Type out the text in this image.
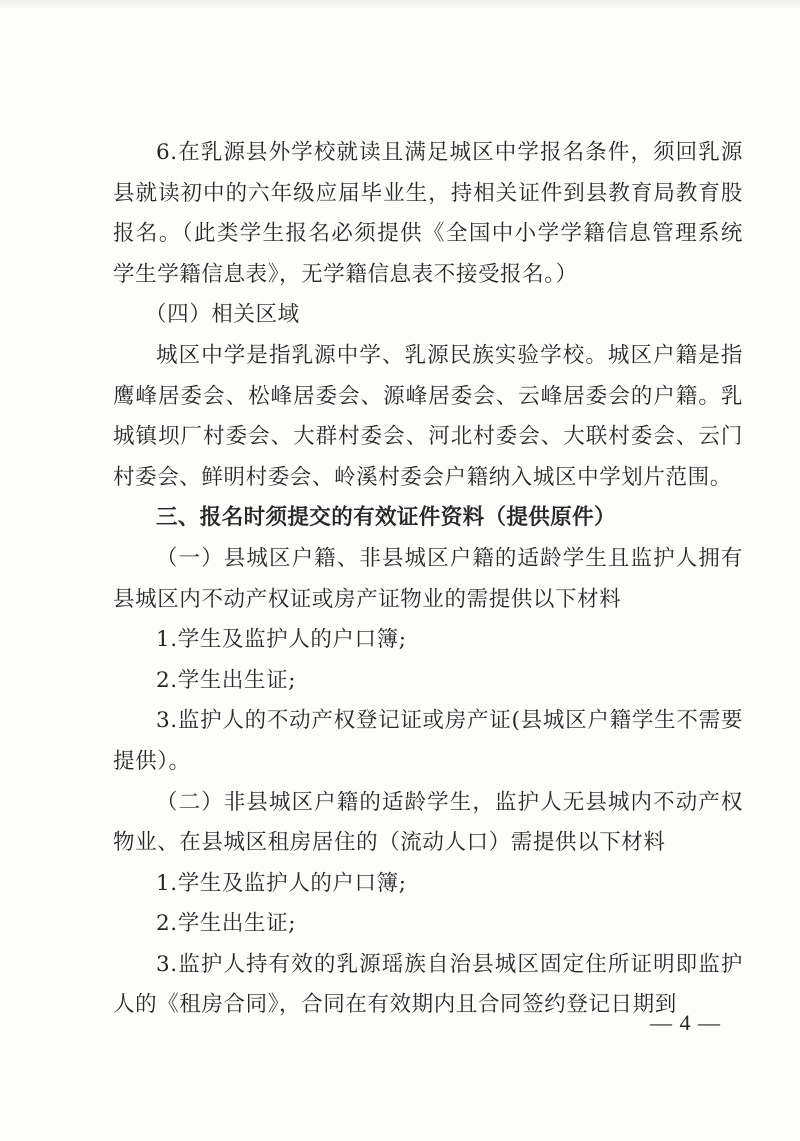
6.在乳源县外学校就读且满足城区中学报名条件，须回乳源县就读初中的六年级应届毕业生，持相关证件到县教育局教育股报名。（此类学生报名必须提供《全国中小学学籍信息管理系统学生学籍信息表》，无学籍信息表不接受报名。）

（四）相关区域

城区中学是指乳源中学、乳源民族实验学校。城区户籍是指鹰峰居委会、松峰居委会、源峰居委会、云峰居委会的户籍。乳城镇坝厂村委会、大群村委会、河北村委会、大联村委会、云门村委会、鲜明村委会、岭溪村委会户籍纳入城区中学划片范围。

三、报名时须提交的有效证件资料（提供原件）

（一）县城区户籍、非县城区户籍的适龄学生且监护人拥有县城区内不动产权证或房产证物业的需提供以下材料

1.学生及监护人的户口簿;

2.学生出生证;

3.监护人的不动产权登记证或房产证(县城区户籍学生不需要提供）。

（二）非县城区户籍的适龄学生，监护人无县城内不动产权物业、在县城区租房居住的（流动人口）需提供以下材料

1.学生及监护人的户口簿;

2.学生出生证;

3.监护人持有效的乳源瑶族自治县城区固定住所证明即监护人的《租房合同》，合同在有效期内且合同签约登记日期到

— 4 —
